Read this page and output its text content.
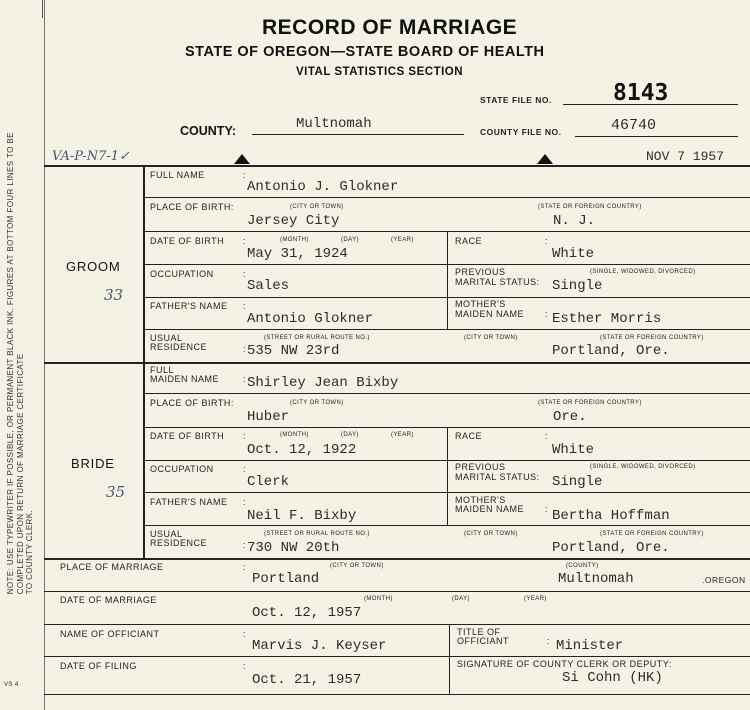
NOTE: USE TYPEWRITER IF POSSIBLE, OR PERMANENT BLACK INK. FIGURES AT BOTTOM FOUR LINES TO BE COMPLETED UPON RETURN OF MARRIAGE CERTIFICATE TO COUNTY CLERK.
VS 4
RECORD OF MARRIAGE
STATE OF OREGON—STATE BOARD OF HEALTH
VITAL STATISTICS SECTION
STATE FILE NO.	8143
COUNTY:	Multnomah	COUNTY FILE NO.	46740
VA-P-N7-1✓	NOV 7 1957
GROOM
33
FULL NAME	:
Antonio J. Glokner
PLACE OF BIRTH:	(CITY OR TOWN)	(STATE OR FOREIGN COUNTRY)
Jersey City	N. J.
DATE OF BIRTH :	(MONTH)	(DAY)	(YEAR)
May 31, 1924
RACE	:
White
OCCUPATION	:
Sales
PREVIOUS
MARITAL STATUS:
(SINGLE, WIDOWED, DIVORCED)
Single
FATHER'S NAME :
Antonio Glokner
MOTHER'S
MAIDEN NAME : Esther Morris
USUAL
RESIDENCE
(STREET OR RURAL ROUTE NO.)	(CITY OR TOWN)	(STATE OR FOREIGN COUNTRY)
: 535 NW 23rd	Portland, Ore.
BRIDE
35
FULL
MAIDEN NAME	: Shirley Jean Bixby
PLACE OF BIRTH:	(CITY OR TOWN)	(STATE OR FOREIGN COUNTRY)
Huber	Ore.
DATE OF BIRTH :	(MONTH)	(DAY)	(YEAR)
Oct. 12, 1922
RACE	:
White
OCCUPATION	:
Clerk
PREVIOUS
MARITAL STATUS:
(SINGLE, WIDOWED, DIVORCED)
Single
FATHER'S NAME :
Neil F. Bixby
MOTHER'S
MAIDEN NAME : Bertha Hoffman
USUAL
RESIDENCE
(STREET OR RURAL ROUTE NO.)	(CITY OR TOWN)	(STATE OR FOREIGN COUNTRY)
: 730 NW 20th	Portland, Ore.
PLACE OF MARRIAGE	:	(CITY OR TOWN)	(COUNTY)
Portland	Multnomah	.OREGON
DATE OF MARRIAGE	(MONTH)	(DAY)	(YEAR)
Oct. 12, 1957
NAME OF OFFICIANT	:
Marvis J. Keyser
TITLE OF
OFFICIANT	: Minister
DATE OF FILING	:
Oct. 21, 1957
SIGNATURE OF COUNTY CLERK OR DEPUTY:
Si Cohn (HK)
